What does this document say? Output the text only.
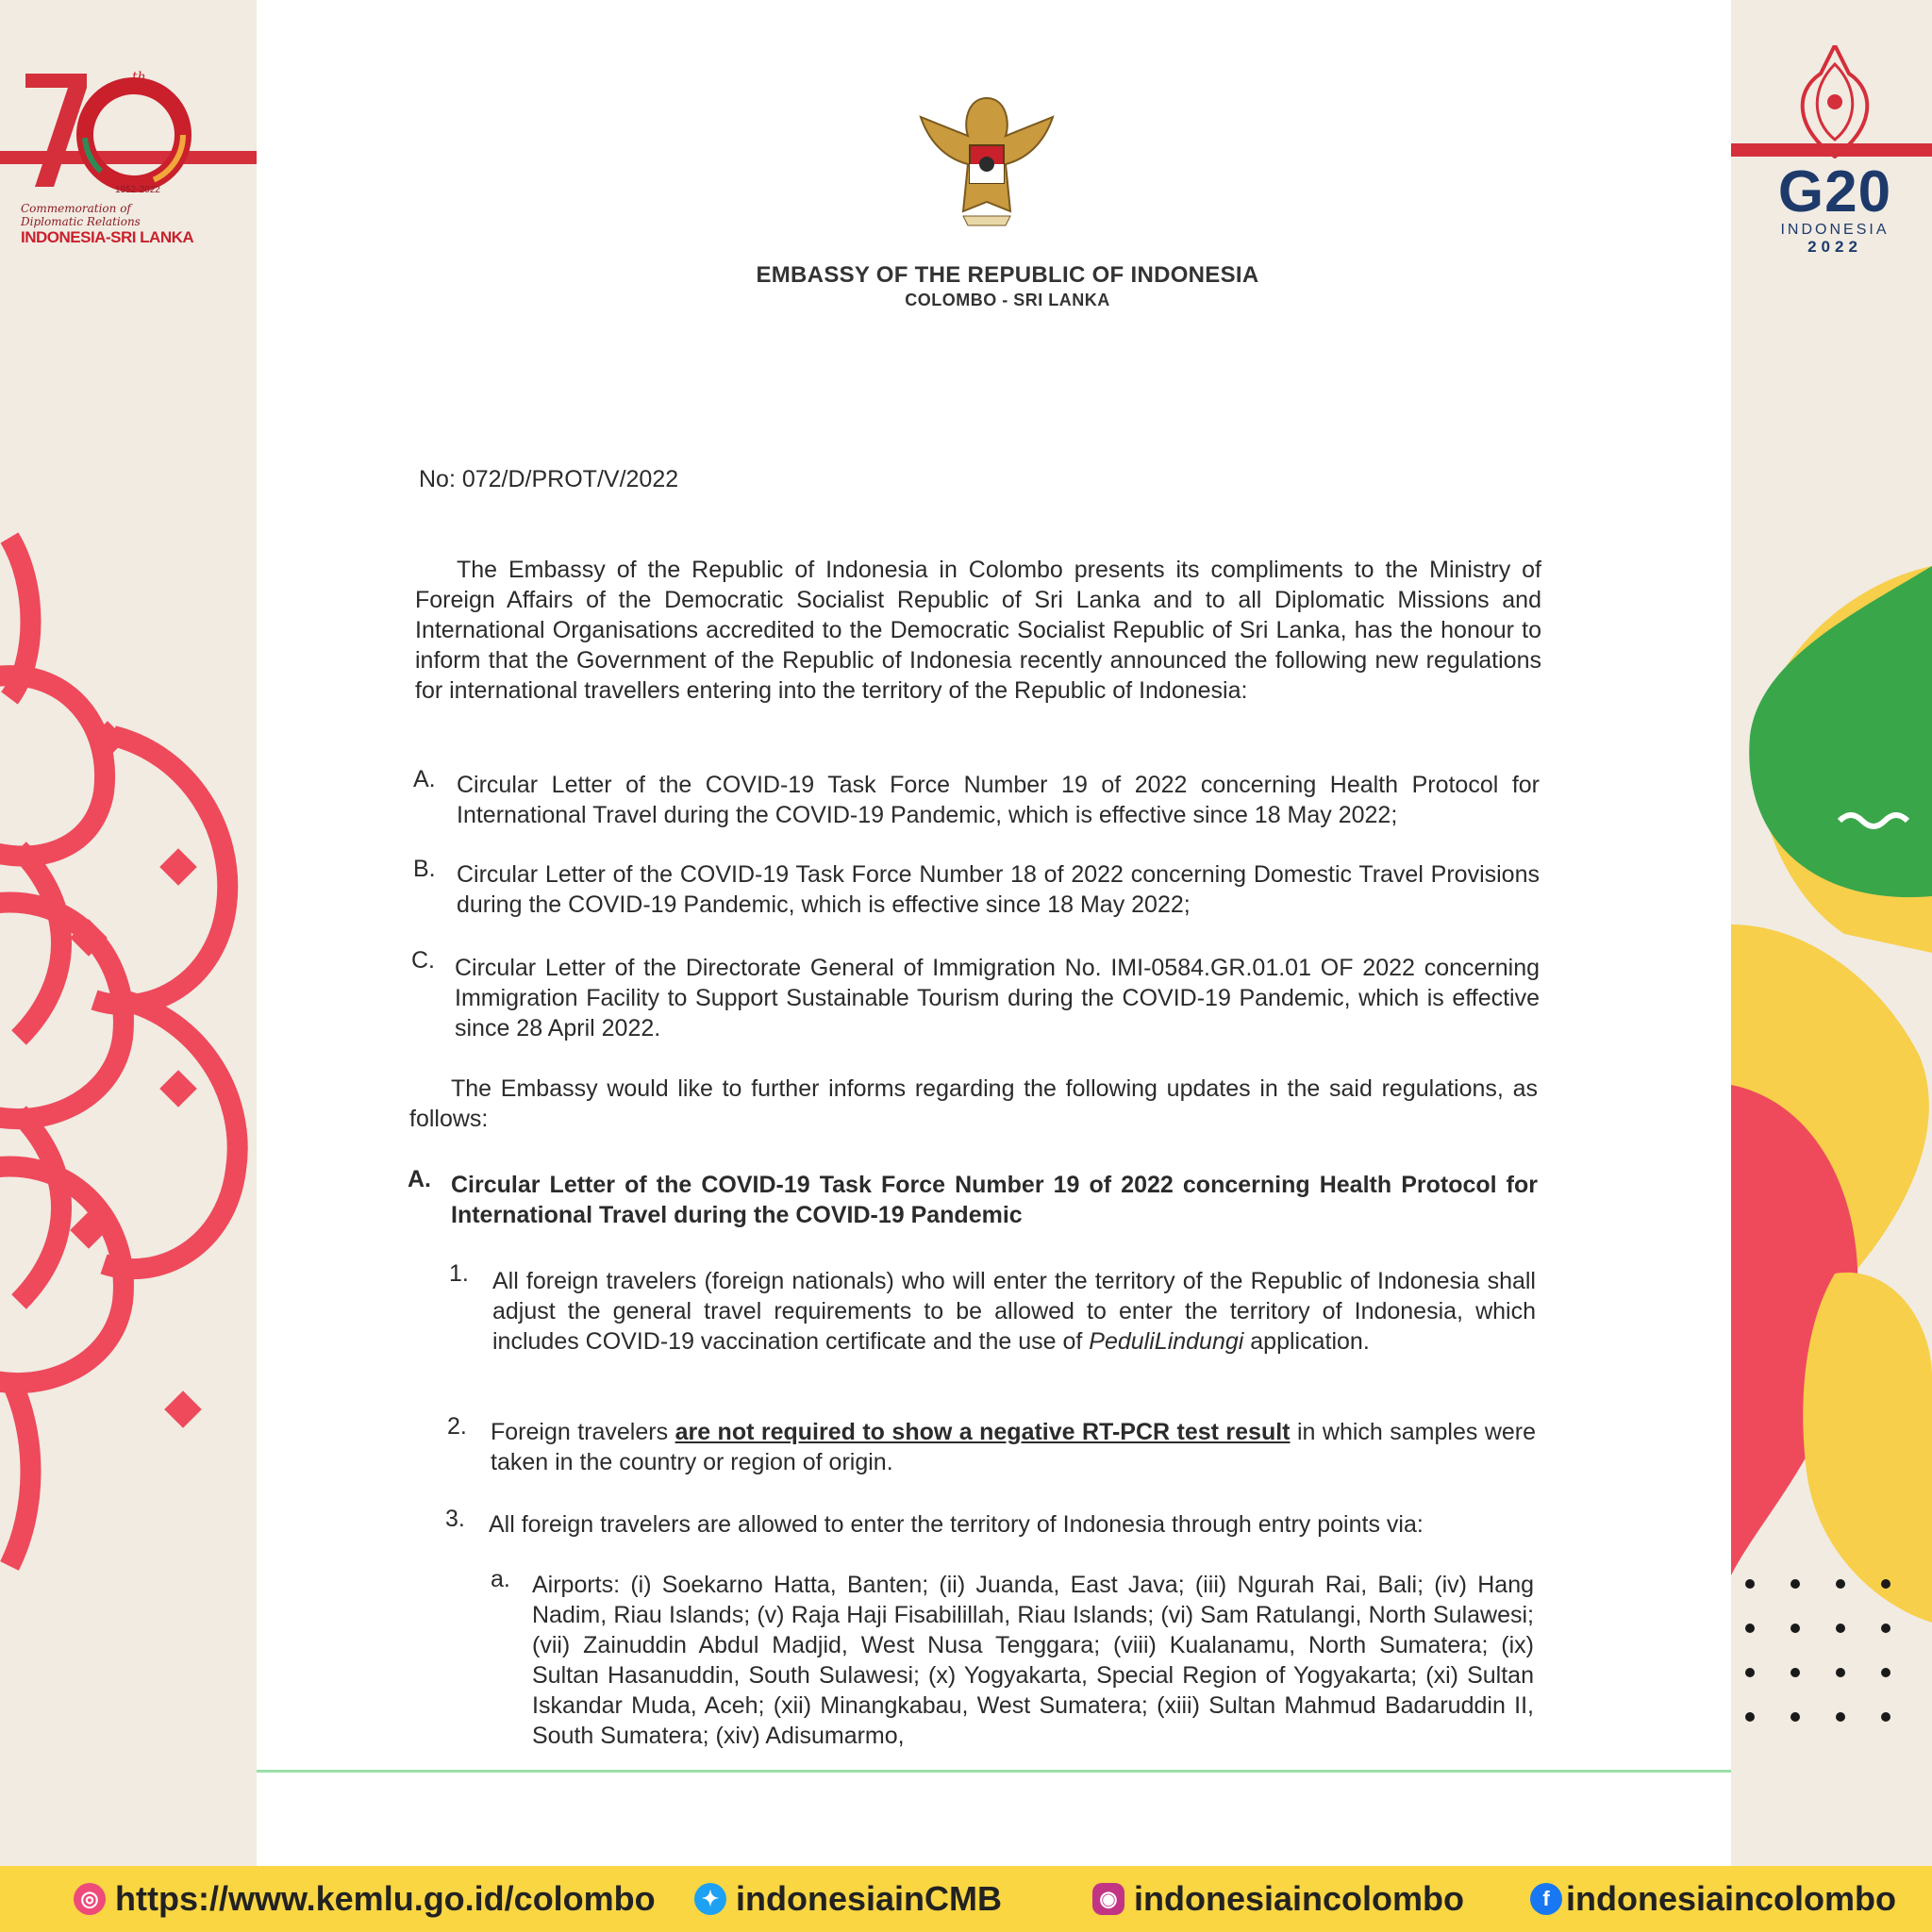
th
1952-2022
Commemoration of
Diplomatic Relations
INDONESIA-SRI LANKA
G20
INDONESIA
2022
EMBASSY OF THE REPUBLIC OF INDONESIA
COLOMBO - SRI LANKA
No: 072/D/PROT/V/2022
The Embassy of the Republic of Indonesia in Colombo presents its compliments to the Ministry of Foreign Affairs of the Democratic Socialist Republic of Sri Lanka and to all Diplomatic Missions and International Organisations accredited to the Democratic Socialist Republic of Sri Lanka, has the honour to inform that the Government of the Republic of Indonesia recently announced the following new regulations for international travellers entering into the territory of the Republic of Indonesia:
A. Circular Letter of the COVID-19 Task Force Number 19 of 2022 concerning Health Protocol for International Travel during the COVID-19 Pandemic, which is effective since 18 May 2022;
B. Circular Letter of the COVID-19 Task Force Number 18 of 2022 concerning Domestic Travel Provisions during the COVID-19 Pandemic, which is effective since 18 May 2022;
C. Circular Letter of the Directorate General of Immigration No. IMI-0584.GR.01.01 OF 2022 concerning Immigration Facility to Support Sustainable Tourism during the COVID-19 Pandemic, which is effective since 28 April 2022.
The Embassy would like to further informs regarding the following updates in the said regulations, as follows:
A. Circular Letter of the COVID-19 Task Force Number 19 of 2022 concerning Health Protocol for International Travel during the COVID-19 Pandemic
1. All foreign travelers (foreign nationals) who will enter the territory of the Republic of Indonesia shall adjust the general travel requirements to be allowed to enter the territory of Indonesia, which includes COVID-19 vaccination certificate and the use of PeduliLindungi application.
2. Foreign travelers are not required to show a negative RT-PCR test result in which samples were taken in the country or region of origin.
3. All foreign travelers are allowed to enter the territory of Indonesia through entry points via:
a. Airports: (i) Soekarno Hatta, Banten; (ii) Juanda, East Java; (iii) Ngurah Rai, Bali; (iv) Hang Nadim, Riau Islands; (v) Raja Haji Fisabilillah, Riau Islands; (vi) Sam Ratulangi, North Sulawesi; (vii) Zainuddin Abdul Madjid, West Nusa Tenggara; (viii) Kualanamu, North Sumatera; (ix) Sultan Hasanuddin, South Sulawesi; (x) Yogyakarta, Special Region of Yogyakarta; (xi) Sultan Iskandar Muda, Aceh; (xii) Minangkabau, West Sumatera; (xiii) Sultan Mahmud Badaruddin II, South Sumatera; (xiv) Adisumarmo,
◎ https://www.kemlu.go.id/colombo	✦ indonesiainCMB	◉ indonesiaincolombo	f indonesiaincolombo
